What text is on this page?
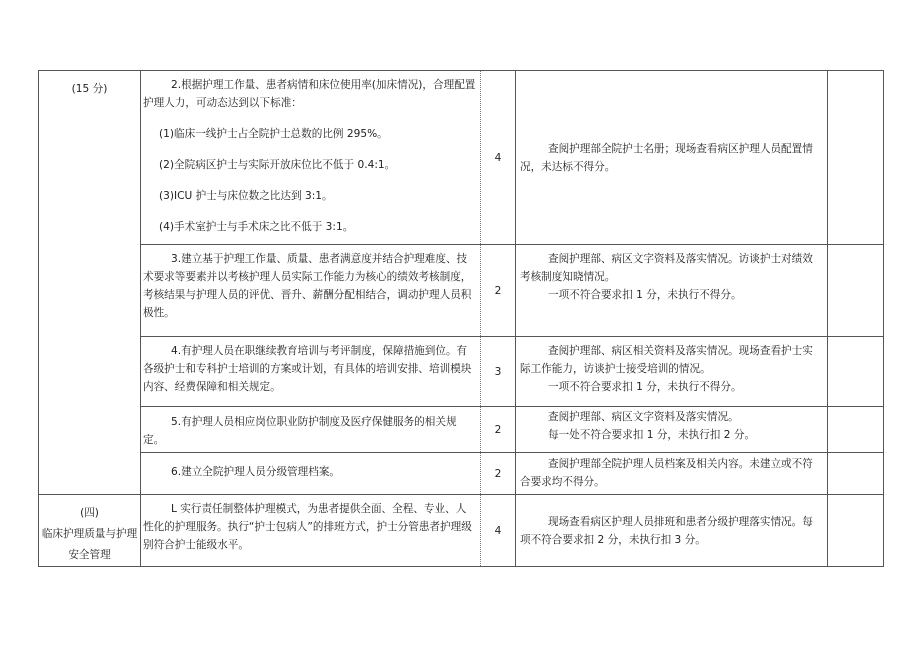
(15 分)	2.根据护理工作量、患者病情和床位使用率(加床情况)，合理配置护理人力，可动态达到以下标准：

(1)临床一线护士占全院护士总数的比例 295%。

(2)全院病区护士与实际开放床位比不低于 0.4:1。

(3)ICU 护士与床位数之比达到 3:1。

(4)手术室护士与手术床之比不低于 3:1。	4	查阅护理部全院护士名册；现场查看病区护理人员配置情况，未达标不得分。	

	3.建立基于护理工作量、质量、患者满意度并结合护理难度、技术要求等要素并以考核护理人员实际工作能力为核心的绩效考核制度，考核结果与护理人员的评优、晋升、薪酬分配相结合，调动护理人员积极性。	2	查阅护理部、病区文字资料及落实情况。访谈护士对绩效考核制度知晓情况。

一项不符合要求扣 1 分，未执行不得分。	

	4.有护理人员在职继续教育培训与考评制度，保障措施到位。有各级护士和专科护士培训的方案或计划，有具体的培训安排、培训模块内容、经费保障和相关规定。	3	查阅护理部、病区相关资料及落实情况。现场查看护士实际工作能力，访谈护士接受培训的情况。

一项不符合要求扣 1 分，未执行不得分。	

	5.有护理人员相应岗位职业防护制度及医疗保健服务的相关规定。	2	查阅护理部、病区文字资料及落实情况。

每一处不符合要求扣 1 分，未执行扣 2 分。	

	6.建立全院护理人员分级管理档案。	2	查阅护理部全院护理人员档案及相关内容。未建立或不符合要求均不得分。	

(四)
临床护理质量与护理
安全管理	L 实行责任制整体护理模式，为患者提供全面、全程、专业、人性化的护理服务。执行“护士包病人”的排班方式，护士分管患者护理级别符合护士能级水平。	4	现场查看病区护理人员排班和患者分级护理落实情况。每项不符合要求扣 2 分，未执行扣 3 分。	
